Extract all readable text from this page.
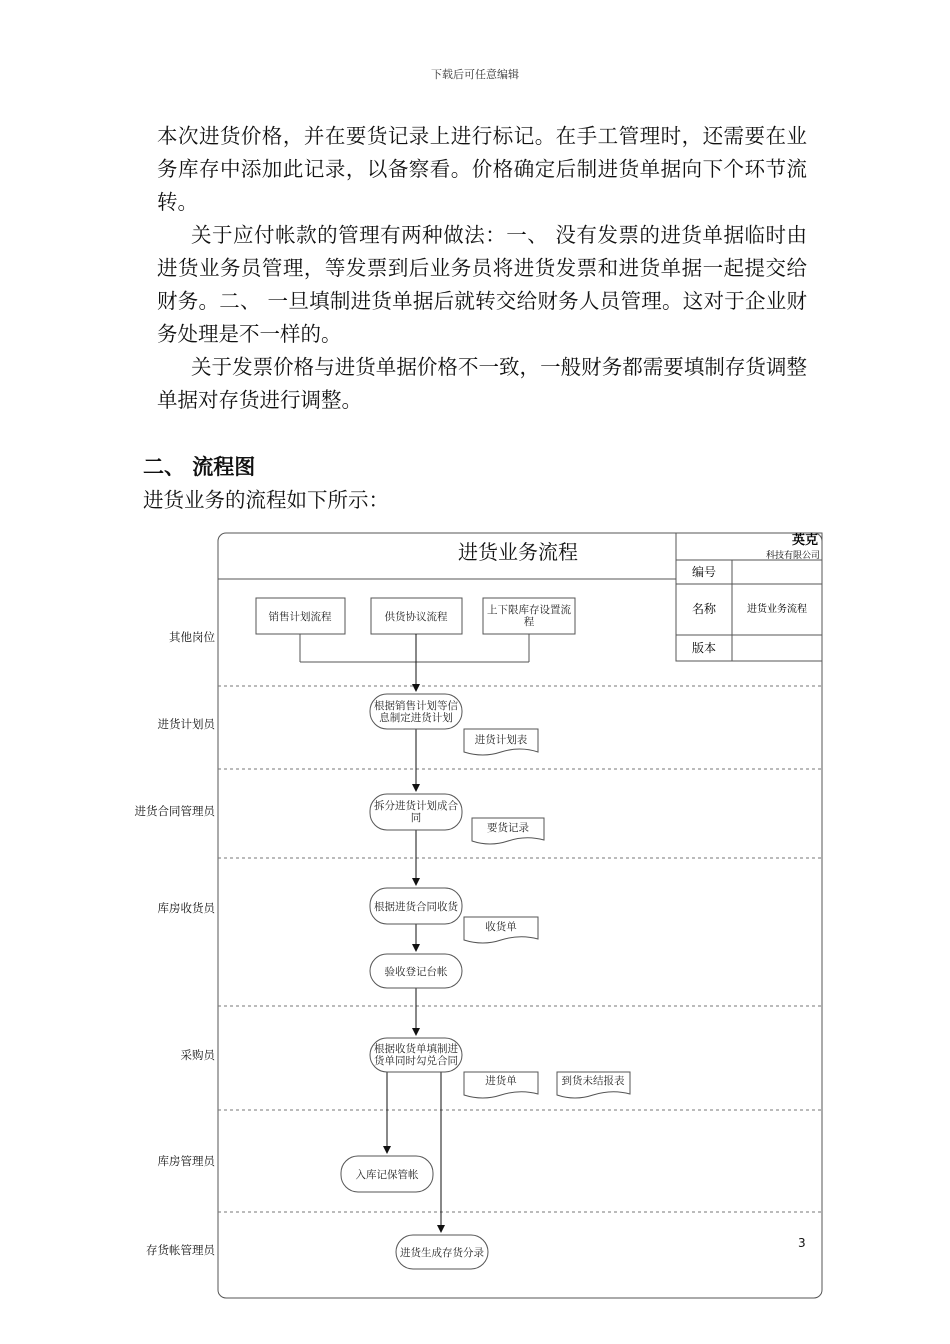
下载后可任意编辑

本次进货价格，并在要货记录上进行标记。在手工管理时，还需要在业务库存中添加此记录，以备察看。价格确定后制进货单据向下个环节流转。

关于应付帐款的管理有两种做法：一、 没有发票的进货单据临时由进货业务员管理，等发票到后业务员将进货发票和进货单据一起提交给财务。二、 一旦填制进货单据后就转交给财务人员管理。这对于企业财务处理是不一样的。

关于发票价格与进货单据价格不一致，一般财务都需要填制存货调整单据对存货进行调整。

二、 流程图
进货业务的流程如下所示：
进货业务流程	英克
科技有限公司
编号
名称	进货业务流程
版本
其他岗位
进货计划员
进货合同管理员
库房收货员
采购员
库房管理员
存货帐管理员
销售计划流程	供货协议流程
上下限库存设置流
程
根据销售计划等信
息制定进货计划
拆分进货计划成合
同
根据进货合同收货
验收登记台帐
根据收货单填制进
货单同时勾兑合同
入库记保管帐
进货生成存货分录
进货计划表
要货记录
收货单
进货单	到货未结报表
3
